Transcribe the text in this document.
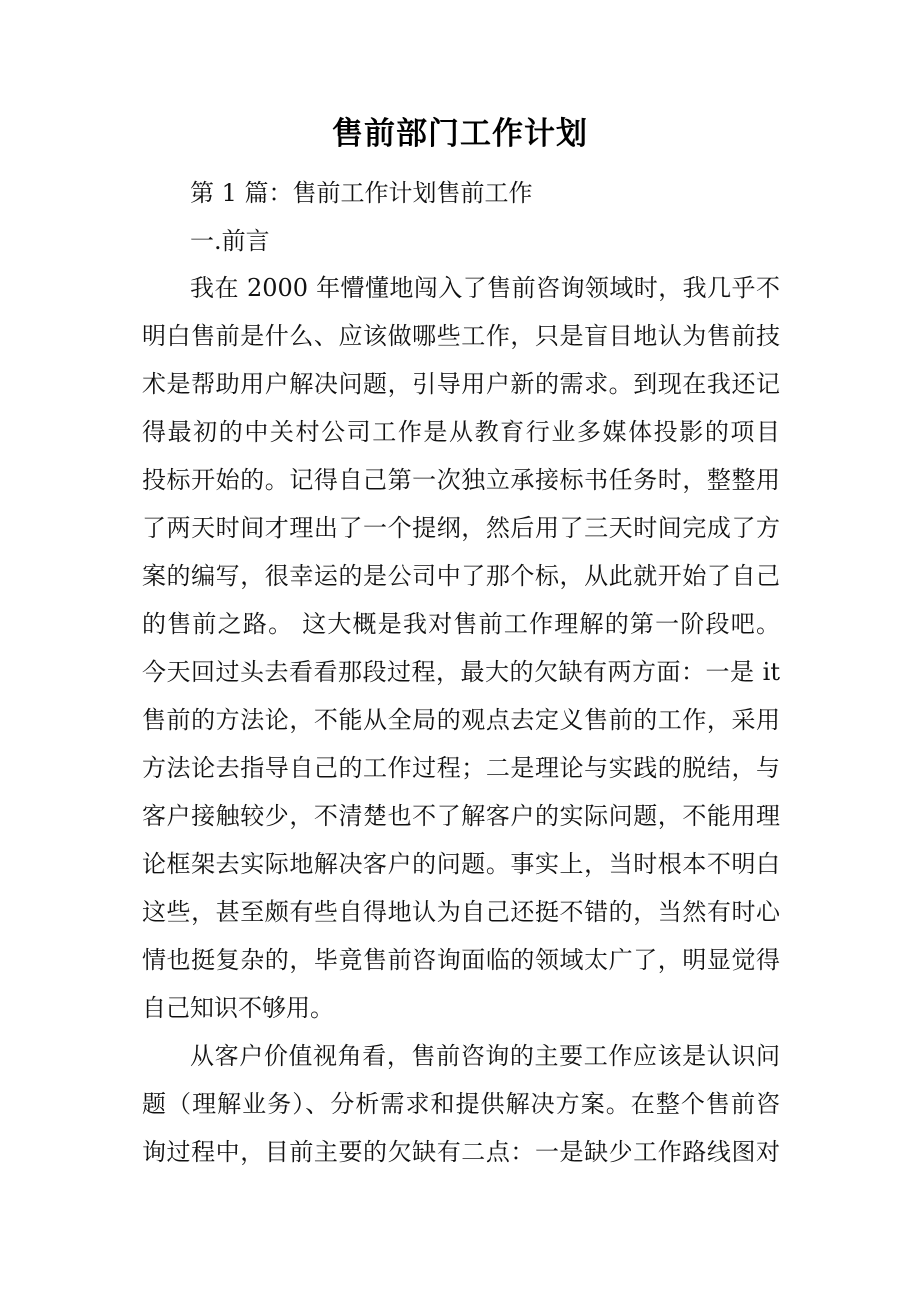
售前部门工作计划
第 1 篇：售前工作计划售前工作
一.前言
我在 2000 年懵懂地闯入了售前咨询领域时，我几乎不
明白售前是什么、应该做哪些工作，只是盲目地认为售前技
术是帮助用户解决问题，引导用户新的需求。到现在我还记
得最初的中关村公司工作是从教育行业多媒体投影的项目
投标开始的。记得自己第一次独立承接标书任务时，整整用
了两天时间才理出了一个提纲，然后用了三天时间完成了方
案的编写，很幸运的是公司中了那个标，从此就开始了自己
的售前之路。 这大概是我对售前工作理解的第一阶段吧。
今天回过头去看看那段过程，最大的欠缺有两方面：一是 it
售前的方法论，不能从全局的观点去定义售前的工作，采用
方法论去指导自己的工作过程；二是理论与实践的脱结，与
客户接触较少，不清楚也不了解客户的实际问题，不能用理
论框架去实际地解决客户的问题。事实上，当时根本不明白
这些，甚至颇有些自得地认为自己还挺不错的，当然有时心
情也挺复杂的，毕竟售前咨询面临的领域太广了，明显觉得
自己知识不够用。
从客户价值视角看，售前咨询的主要工作应该是认识问
题（理解业务）、分析需求和提供解决方案。在整个售前咨
询过程中，目前主要的欠缺有二点：一是缺少工作路线图对
